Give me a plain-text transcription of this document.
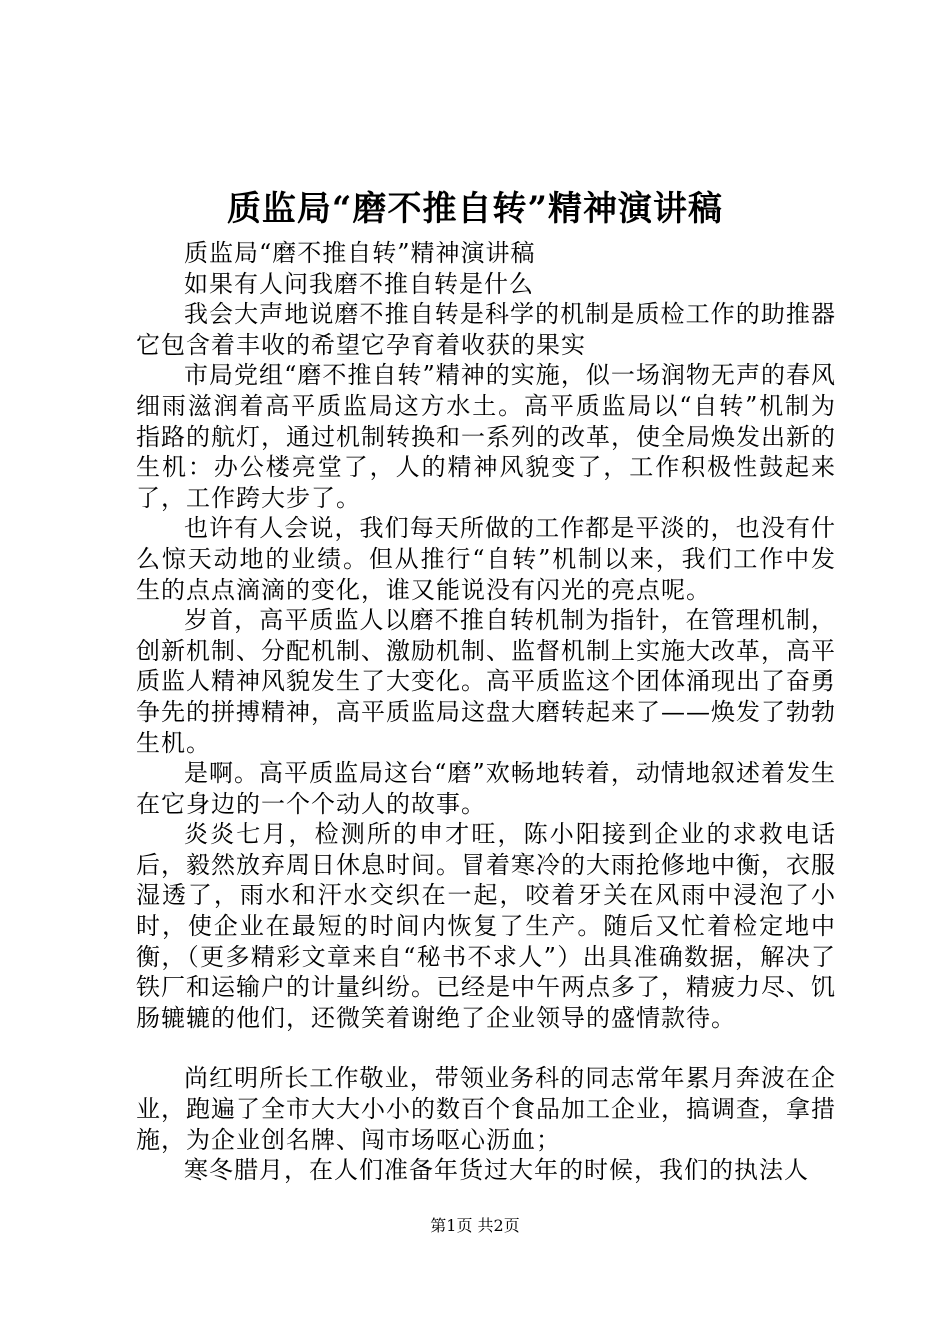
质监局“磨不推自转”精神演讲稿

质监局“磨不推自转”精神演讲稿

如果有人问我磨不推自转是什么

我会大声地说磨不推自转是科学的机制是质检工作的助推器它包含着丰收的希望它孕育着收获的果实

市局党组“磨不推自转”精神的实施，似一场润物无声的春风细雨滋润着高平质监局这方水土。高平质监局以“自转”机制为指路的航灯，通过机制转换和一系列的改革，使全局焕发出新的生机：办公楼亮堂了，人的精神风貌变了，工作积极性鼓起来了，工作跨大步了。

也许有人会说，我们每天所做的工作都是平淡的，也没有什么惊天动地的业绩。但从推行“自转”机制以来，我们工作中发生的点点滴滴的变化，谁又能说没有闪光的亮点呢。

岁首，高平质监人以磨不推自转机制为指针，在管理机制，创新机制、分配机制、激励机制、监督机制上实施大改革，高平质监人精神风貌发生了大变化。高平质监这个团体涌现出了奋勇争先的拼搏精神，高平质监局这盘大磨转起来了——焕发了勃勃生机。

是啊。高平质监局这台“磨”欢畅地转着，动情地叙述着发生在它身边的一个个动人的故事。

炎炎七月，检测所的申才旺，陈小阳接到企业的求救电话后，毅然放弃周日休息时间。冒着寒冷的大雨抢修地中衡，衣服湿透了，雨水和汗水交织在一起，咬着牙关在风雨中浸泡了小时，使企业在最短的时间内恢复了生产。随后又忙着检定地中衡，（更多精彩文章来自“秘书不求人”）出具准确数据，解决了铁厂和运输户的计量纠纷。已经是中午两点多了，精疲力尽、饥肠辘辘的他们，还微笑着谢绝了企业领导的盛情款待。

尚红明所长工作敬业，带领业务科的同志常年累月奔波在企业，跑遍了全市大大小小的数百个食品加工企业，搞调查，拿措施，为企业创名牌、闯市场呕心沥血；

寒冬腊月，在人们准备年货过大年的时候，我们的执法人

第1页 共2页
